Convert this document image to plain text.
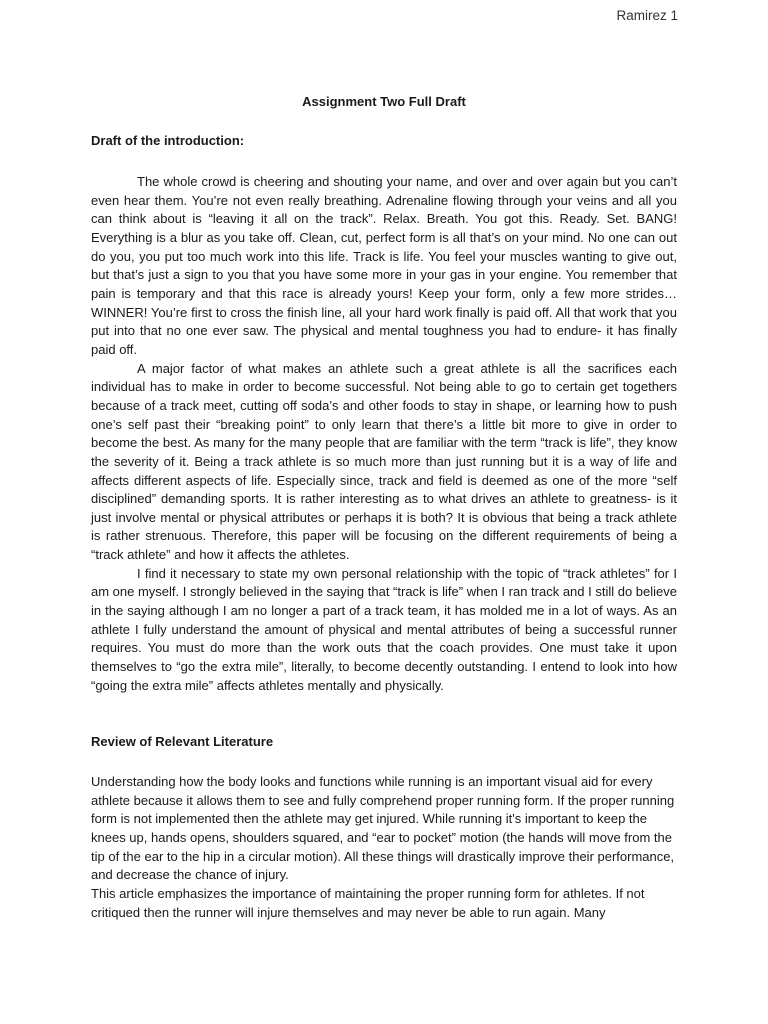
Ramirez 1
Assignment Two Full Draft
Draft of the introduction:

The whole crowd is cheering and shouting your name, and over and over again but you can’t even hear them. You’re not even really breathing. Adrenaline flowing through your veins and all you can think about is “leaving it all on the track”. Relax. Breath. You got this. Ready. Set. BANG! Everything is a blur as you take off. Clean, cut, perfect form is all that’s on your mind. No one can out do you, you put too much work into this life. Track is life. You feel your muscles wanting to give out, but that’s just a sign to you that you have some more in your gas in your engine. You remember that pain is temporary and that this race is already yours! Keep your form, only a few more strides… WINNER! You’re first to cross the finish line, all your hard work finally is paid off. All that work that you put into that no one ever saw. The physical and mental toughness you had to endure- it has finally paid off.

A major factor of what makes an athlete such a great athlete is all the sacrifices each individual has to make in order to become successful. Not being able to go to certain get togethers because of a track meet, cutting off soda’s and other foods to stay in shape, or learning how to push one’s self past their “breaking point” to only learn that there’s a little bit more to give in order to become the best. As many for the many people that are familiar with the term “track is life”, they know the severity of it. Being a track athlete is so much more than just running but it is a way of life and affects different aspects of life. Especially since, track and field is deemed as one of the more “self disciplined” demanding sports. It is rather interesting as to what drives an athlete to greatness- is it just involve mental or physical attributes or perhaps it is both? It is obvious that being a track athlete is rather strenuous. Therefore, this paper will be focusing on the different requirements of being a “track athlete” and how it affects the athletes.

I find it necessary to state my own personal relationship with the topic of “track athletes” for I am one myself. I strongly believed in the saying that “track is life” when I ran track and I still do believe in the saying although I am no longer a part of a track team, it has molded me in a lot of ways. As an athlete I fully understand the amount of physical and mental attributes of being a successful runner requires. You must do more than the work outs that the coach provides. One must take it upon themselves to “go the extra mile”, literally, to become decently outstanding. I entend to look into how “going the extra mile” affects athletes mentally and physically.

Review of Relevant Literature

Understanding how the body looks and functions while running is an important visual aid for every athlete because it allows them to see and fully comprehend proper running form. If the proper running form is not implemented then the athlete may get injured. While running it's important to keep the knees up, hands opens, shoulders squared, and “ear to pocket” motion (the hands will move from the tip of the ear to the hip in a circular motion). All these things will drastically improve their performance, and decrease the chance of injury.

This article emphasizes the importance of maintaining the proper running form for athletes. If not critiqued then the runner will injure themselves and may never be able to run again. Many
